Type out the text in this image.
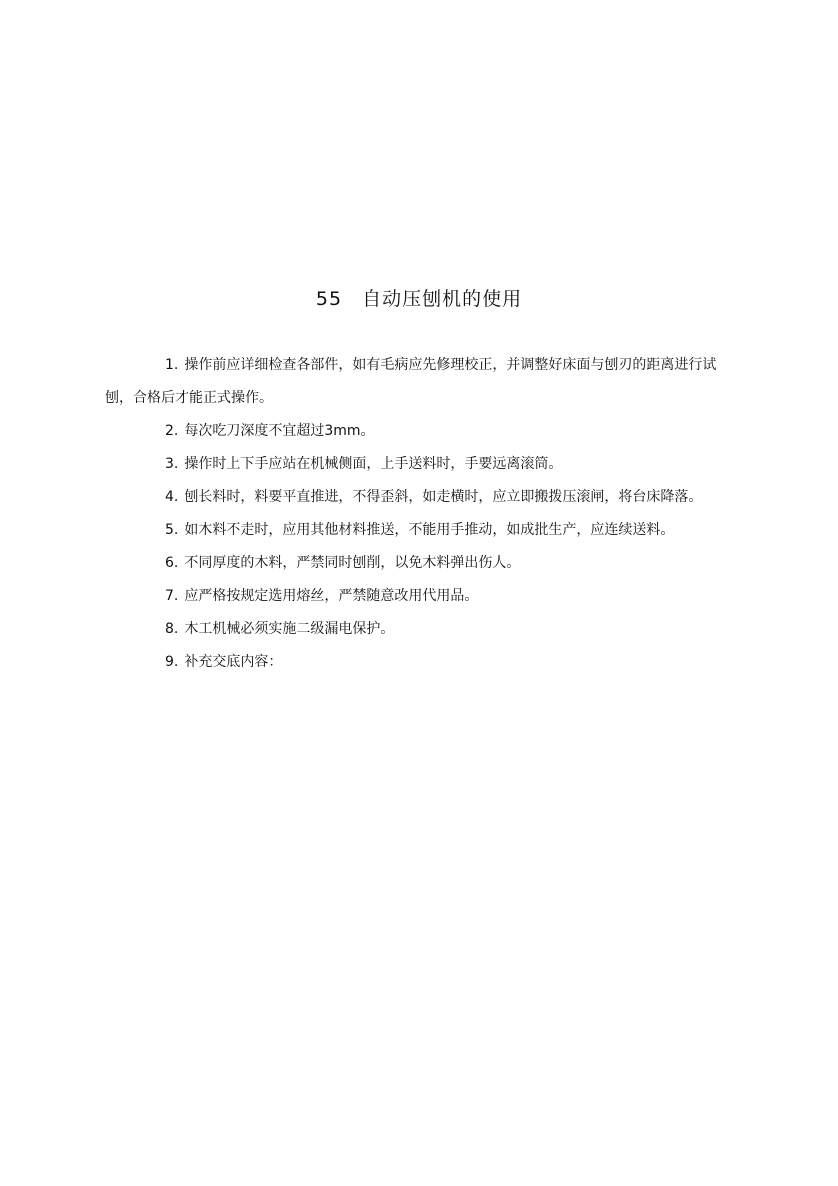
55　自动压刨机的使用
1. 操作前应详细检查各部件，如有毛病应先修理校正，并调整好床面与刨刃的距离进行试刨，合格后才能正式操作。
2. 每次吃刀深度不宜超过3mm。
3. 操作时上下手应站在机械侧面，上手送料时，手要远离滚筒。
4. 刨长料时，料要平直推进，不得歪斜，如走横时，应立即搬拨压滚闸，将台床降落。
5. 如木料不走时，应用其他材料推送，不能用手推动，如成批生产，应连续送料。
6. 不同厚度的木料，严禁同时刨削，以免木料弹出伤人。
7. 应严格按规定选用熔丝，严禁随意改用代用品。
8. 木工机械必须实施二级漏电保护。
9. 补充交底内容：
